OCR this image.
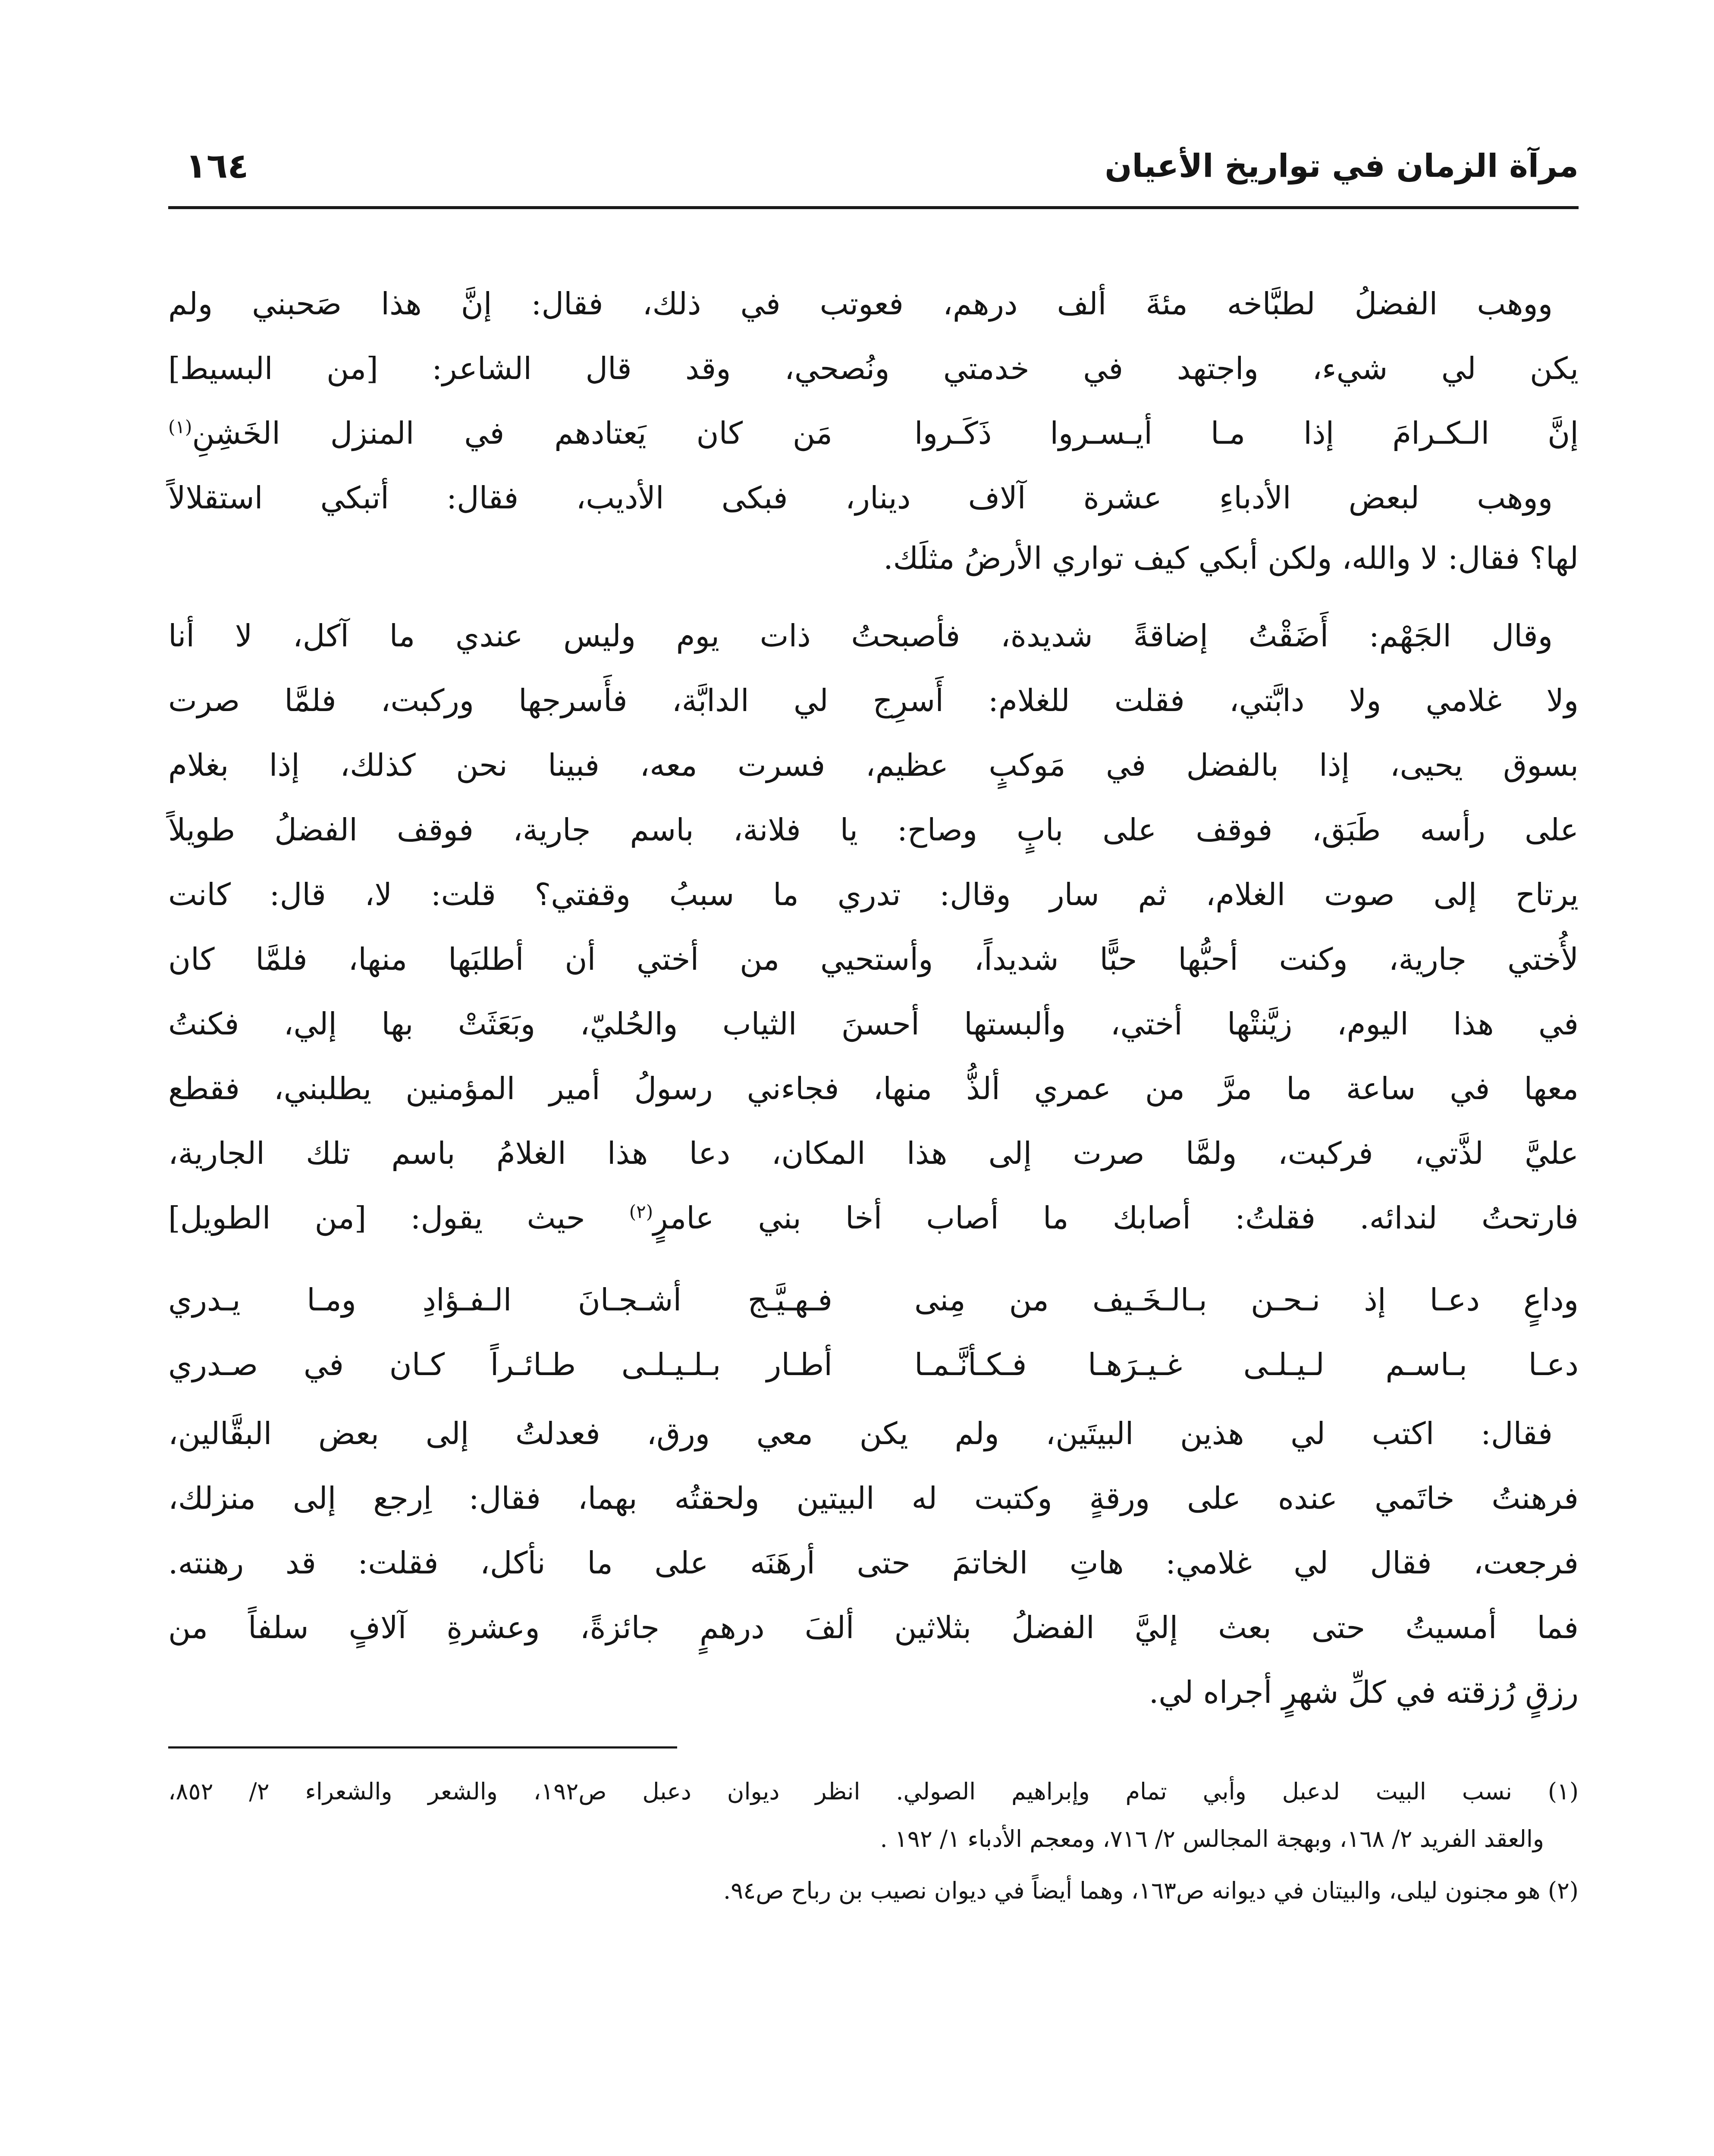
مرآة الزمان في تواريخ الأعيان
١٦٤
ووهب الفضلُ لطبَّاخه مئةَ ألف درهم، فعوتب في ذلك، فقال: إنَّ هذا صَحبني ولم
يكن لي شيء، واجتهد في خدمتي ونُصحي، وقد قال الشاعر: [من البسيط]
إنَّ الـكـرامَ إذا مـا أيـسـروا ذَكَـروا
مَن كان يَعتادهم في المنزل الخَشِنِ$^{(١)}$
ووهب لبعض الأدباءِ عشرة آلاف دينار، فبكى الأديب، فقال: أتبكي استقلالاً
لها؟ فقال: لا والله، ولكن أبكي كيف تواري الأرضُ مثلَك.
وقال الجَهْم: أَضَقْتُ إضاقةً شديدة، فأصبحتُ ذات يوم وليس عندي ما آكل، لا أنا
ولا غلامي ولا دابَّتي، فقلت للغلام: أَسرِج لي الدابَّة، فأَسرجها وركبت، فلمَّا صرت
بسوق يحيى، إذا بالفضل في مَوكبٍ عظيم، فسرت معه، فبينا نحن كذلك، إذا بغلام
على رأسه طَبَق، فوقف على بابٍ وصاح: يا فلانة، باسم جارية، فوقف الفضلُ طويلاً
يرتاح إلى صوت الغلام، ثم سار وقال: تدري ما سببُ وقفتي؟ قلت: لا، قال: كانت
لأُختي جارية، وكنت أحبُّها حبًّا شديداً، وأستحيي من أختي أن أطلبَها منها، فلمَّا كان
في هذا اليوم، زيَّنتْها أختي، وألبستها أحسنَ الثياب والحُليّ، وبَعَثَتْ بها إلي، فكنتُ
معها في ساعة ما مرَّ من عمري ألذُّ منها، فجاءني رسولُ أمير المؤمنين يطلبني، فقطع
عليَّ لذَّتي، فركبت، ولمَّا صرت إلى هذا المكان، دعا هذا الغلامُ باسم تلك الجارية،
فارتحتُ لندائه. فقلتُ: أصابك ما أصاب أخا بني عامرٍ$^{(٢)}$ حيث يقول: [من الطويل]
وداعٍ دعـا إذ نـحـن بـالـخَـيف من مِنى
فـهـيَّـج أشـجـانَ الـفـؤادِ ومـا يـدري
دعـا بـاسـم لـيـلـى غـيـرَهـا فـكـأنَّـمـا
أطـار بـلـيـلـى طـائـراً كـان في صـدري
فقال: اكتب لي هذين البيتَين، ولم يكن معي ورق، فعدلتُ إلى بعض البقَّالين،
فرهنتُ خاتَمي عنده على ورقةٍ وكتبت له البيتين ولحقتُه بهما، فقال: اِرجع إلى منزلك،
فرجعت، فقال لي غلامي: هاتِ الخاتمَ حتى أرهَنَه على ما نأكل، فقلت: قد رهنته.
فما أمسيتُ حتى بعث إليَّ الفضلُ بثلاثين ألفَ درهمٍ جائزةً، وعشرةِ آلافٍ سلفاً من
رزقٍ رُزقته في كلِّ شهرٍ أجراه لي.
(١) نسب البيت لدعبل وأبي تمام وإبراهيم الصولي. انظر ديوان دعبل ص١٩٢، والشعر والشعراء ٢/ ٨٥٢،
والعقد الفريد ٢/ ١٦٨، وبهجة المجالس ٢/ ٧١٦، ومعجم الأدباء ١/ ١٩٢ .
(٢) هو مجنون ليلى، والبيتان في ديوانه ص١٦٣، وهما أيضاً في ديوان نصيب بن رباح ص٩٤.
